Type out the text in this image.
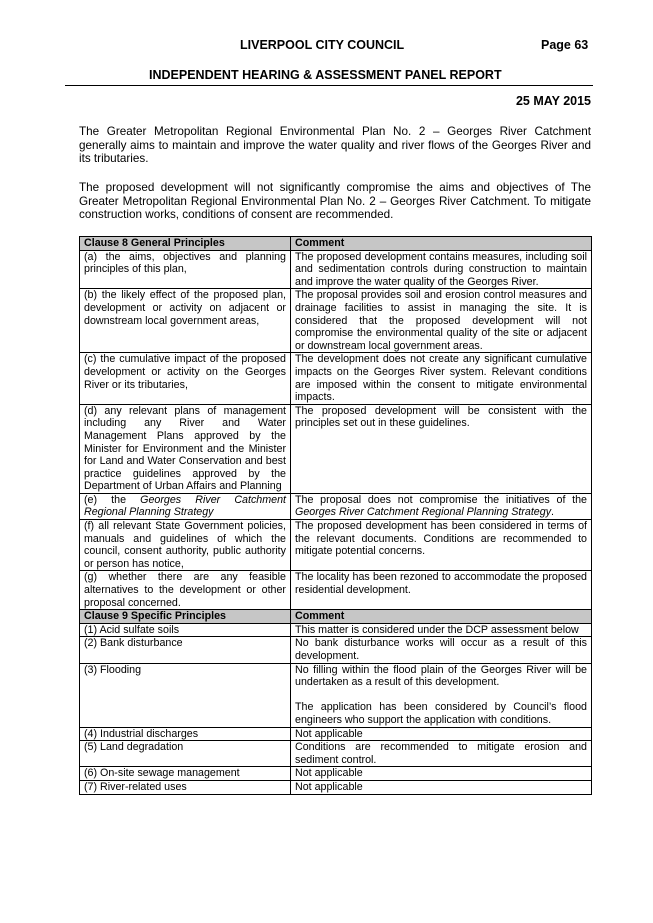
LIVERPOOL CITY COUNCIL	Page 63
INDEPENDENT HEARING & ASSESSMENT PANEL REPORT
25 MAY 2015

The Greater Metropolitan Regional Environmental Plan No. 2 – Georges River Catchment generally aims to maintain and improve the water quality and river flows of the Georges River and its tributaries.

The proposed development will not significantly compromise the aims and objectives of The Greater Metropolitan Regional Environmental Plan No. 2 – Georges River Catchment. To mitigate construction works, conditions of consent are recommended.

Clause 8 General Principles	Comment
(a) the aims, objectives and planning principles of this plan,	The proposed development contains measures, including soil and sedimentation controls during construction to maintain and improve the water quality of the Georges River.
(b) the likely effect of the proposed plan, development or activity on adjacent or downstream local government areas,	The proposal provides soil and erosion control measures and drainage facilities to assist in managing the site. It is considered that the proposed development will not compromise the environmental quality of the site or adjacent or downstream local government areas.
(c) the cumulative impact of the proposed development or activity on the Georges River or its tributaries,	The development does not create any significant cumulative impacts on the Georges River system. Relevant conditions are imposed within the consent to mitigate environmental impacts.
(d) any relevant plans of management including any River and Water Management Plans approved by the Minister for Environment and the Minister for Land and Water Conservation and best practice guidelines approved by the Department of Urban Affairs and Planning	The proposed development will be consistent with the principles set out in these guidelines.
(e) the Georges River Catchment Regional Planning Strategy	The proposal does not compromise the initiatives of the Georges River Catchment Regional Planning Strategy.
(f) all relevant State Government policies, manuals and guidelines of which the council, consent authority, public authority or person has notice,	The proposed development has been considered in terms of the relevant documents. Conditions are recommended to mitigate potential concerns.
(g) whether there are any feasible alternatives to the development or other proposal concerned.	The locality has been rezoned to accommodate the proposed residential development.
Clause 9 Specific Principles	Comment
(1) Acid sulfate soils	This matter is considered under the DCP assessment below
(2) Bank disturbance	No bank disturbance works will occur as a result of this development.
(3) Flooding	No filling within the flood plain of the Georges River will be undertaken as a result of this development.
The application has been considered by Council’s flood engineers who support the application with conditions.

(4) Industrial discharges	Not applicable
(5) Land degradation	Conditions are recommended to mitigate erosion and sediment control.
(6) On-site sewage management	Not applicable
(7) River-related uses	Not applicable
